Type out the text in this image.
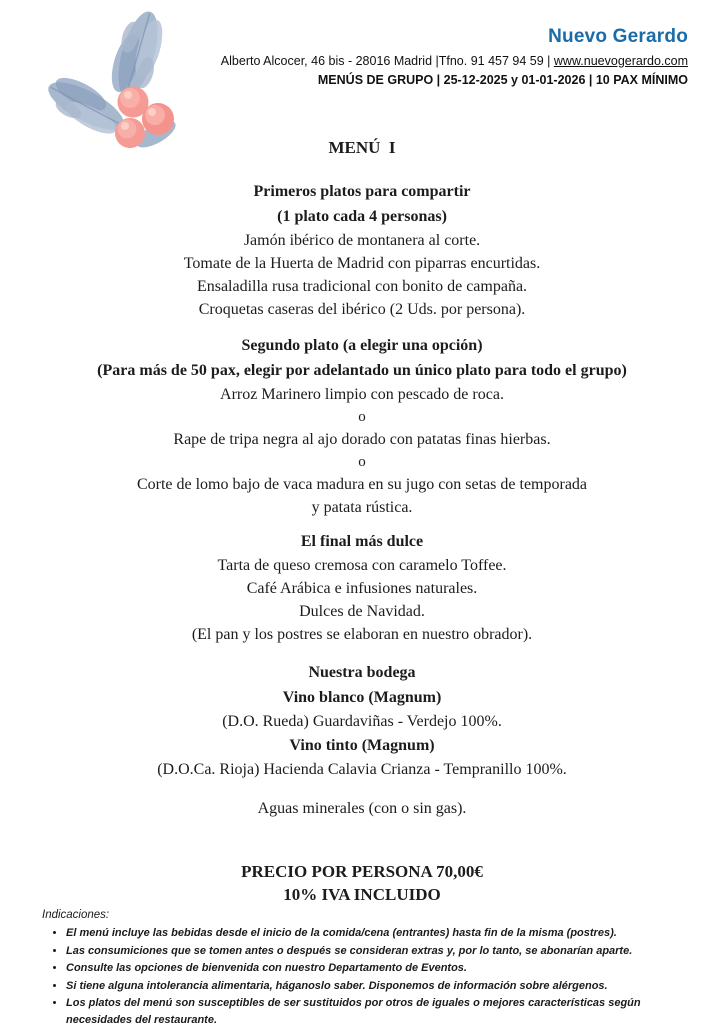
Nuevo Gerardo
Alberto Alcocer, 46 bis - 28016 Madrid |Tfno. 91 457 94 59 | www.nuevogerardo.com
MENÚS DE GRUPO | 25-12-2025 y 01-01-2026 | 10 PAX MÍNIMO
MENÚ  I
Primeros platos para compartir
(1 plato cada 4 personas)

Jamón ibérico de montanera al corte.

Tomate de la Huerta de Madrid con piparras encurtidas.

Ensaladilla rusa tradicional con bonito de campaña.

Croquetas caseras del ibérico (2 Uds. por persona).

Segundo plato (a elegir una opción)
(Para más de 50 pax, elegir por adelantado un único plato para todo el grupo)

Arroz Marinero limpio con pescado de roca.

o

Rape de tripa negra al ajo dorado con patatas finas hierbas.

o

Corte de lomo bajo de vaca madura en su jugo con setas de temporada

y patata rústica.

El final más dulce

Tarta de queso cremosa con caramelo Toffee.

Café Arábica e infusiones naturales.

Dulces de Navidad.

(El pan y los postres se elaboran en nuestro obrador).

Nuestra bodega
Vino blanco (Magnum)

(D.O. Rueda) Guardaviñas - Verdejo 100%.

Vino tinto (Magnum)

(D.O.Ca. Rioja) Hacienda Calavia Crianza - Tempranillo 100%.

Aguas minerales (con o sin gas).

PRECIO POR PERSONA 70,00€

10% IVA INCLUIDO

Indicaciones:
• El menú incluye las bebidas desde el inicio de la comida/cena (entrantes) hasta fin de la misma (postres).
• Las consumiciones que se tomen antes o después se consideran extras y, por lo tanto, se abonarían aparte.
• Consulte las opciones de bienvenida con nuestro Departamento de Eventos.
• Si tiene alguna intolerancia alimentaria, háganoslo saber. Disponemos de información sobre alérgenos.
• Los platos del menú son susceptibles de ser sustituidos por otros de iguales o mejores características según necesidades del restaurante.
